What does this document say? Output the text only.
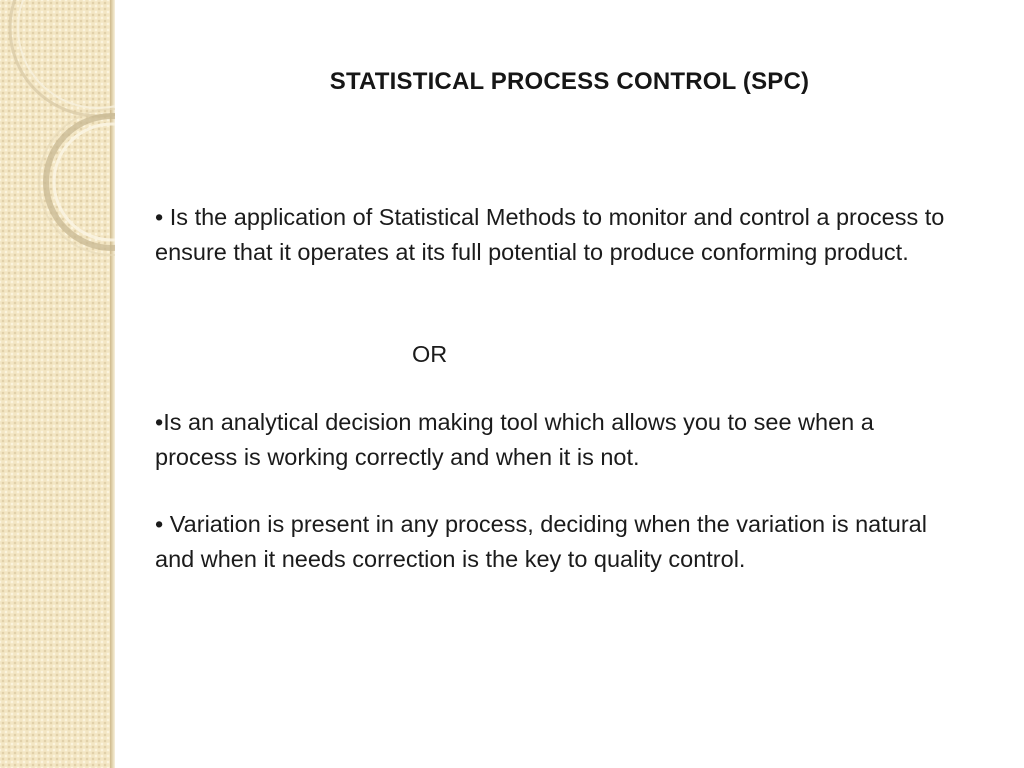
STATISTICAL PROCESS CONTROL (SPC)

• Is the application of Statistical Methods to monitor and control a process to ensure that it operates at its full potential to produce conforming product.

OR

•Is an analytical decision making tool which allows you to see when a process is working correctly and when it is not.

• Variation is present in any process, deciding when the variation is natural and when it needs correction is the key to quality control.
